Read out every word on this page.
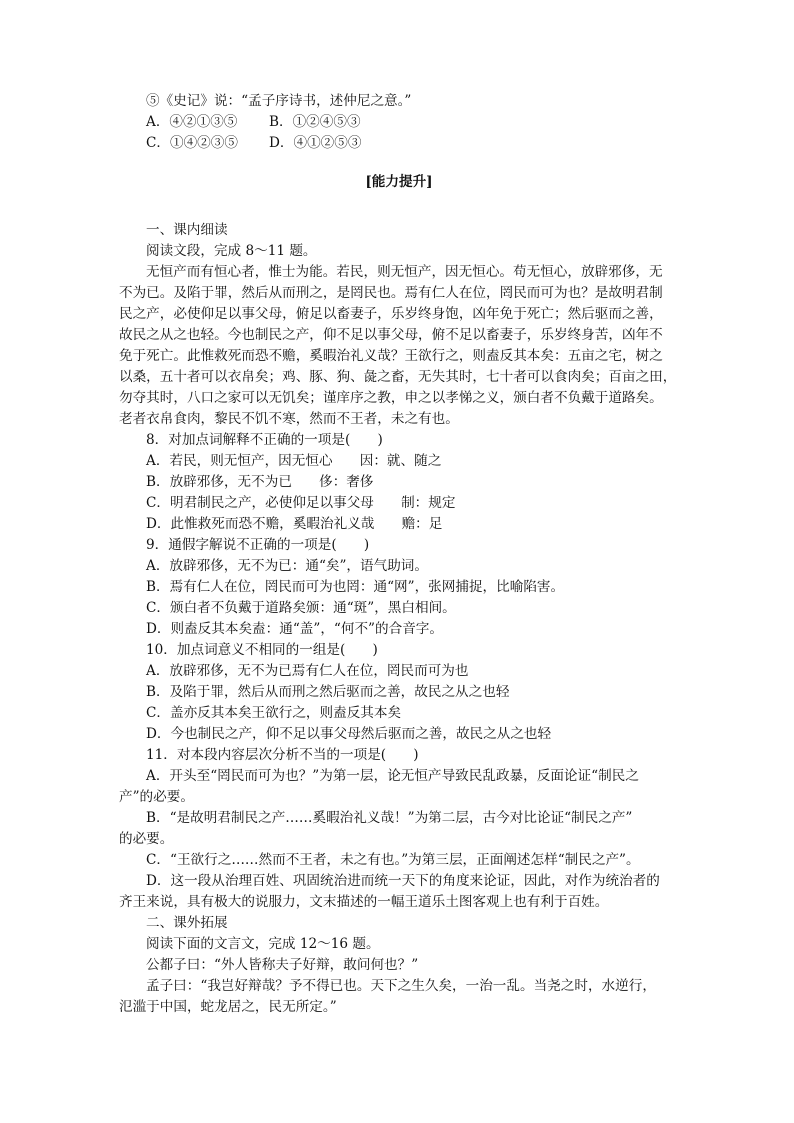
⑤《史记》说：“孟子序诗书，述仲尼之意。”
A．④②①③⑤ B．①②④⑤③
C．①④②③⑤ D．④①②⑤③
[能力提升]
一、课内细读
阅读文段，完成 8～11 题。
无恒产而有恒心者，惟士为能。若民，则无恒产，因无恒心。苟无恒心，放辟邪侈，无
不为已。及陷于罪，然后从而刑之，是罔民也。焉有仁人在位，罔民而可为也？是故明君制
民之产，必使仰足以事父母，俯足以畜妻子，乐岁终身饱，凶年免于死亡；然后驱而之善，
故民之从之也轻。今也制民之产，仰不足以事父母，俯不足以畜妻子，乐岁终身苦，凶年不
免于死亡。此惟救死而恐不赡，奚暇治礼义哉？王欲行之，则盍反其本矣：五亩之宅，树之
以桑，五十者可以衣帛矣；鸡、豚、狗、彘之畜，无失其时，七十者可以食肉矣；百亩之田，
勿夺其时，八口之家可以无饥矣；谨庠序之教，申之以孝悌之义，颁白者不负戴于道路矣。
老者衣帛食肉，黎民不饥不寒，然而不王者，未之有也。
8．对加点词解释不正确的一项是(　　)
A．若民，则无恒产，因无恒心　　因：就、随之
B．放辟邪侈，无不为已　　侈：奢侈
C．明君制民之产，必使仰足以事父母　　制：规定
D．此惟救死而恐不赡，奚暇治礼义哉　　赡：足
9．通假字解说不正确的一项是(　　)
A．放辟邪侈，无不为已：通“矣”，语气助词。
B．焉有仁人在位，罔民而可为也罔：通“网”，张网捕捉，比喻陷害。
C．颁白者不负戴于道路矣颁：通“斑”，黑白相间。
D．则盍反其本矣盍：通“盖”，“何不”的合音字。
10．加点词意义不相同的一组是(　　)
A．放辟邪侈，无不为已焉有仁人在位，罔民而可为也
B．及陷于罪，然后从而刑之然后驱而之善，故民之从之也轻
C．盖亦反其本矣王欲行之，则盍反其本矣
D．今也制民之产，仰不足以事父母然后驱而之善，故民之从之也轻
11．对本段内容层次分析不当的一项是(　　)
A．开头至“罔民而可为也？”为第一层，论无恒产导致民乱政暴，反面论证“制民之
产”的必要。
B．“是故明君制民之产……奚暇治礼义哉！”为第二层，古今对比论证“制民之产”
的必要。
C．“王欲行之……然而不王者，未之有也。”为第三层，正面阐述怎样“制民之产”。
D．这一段从治理百姓、巩固统治进而统一天下的角度来论证，因此，对作为统治者的
齐王来说，具有极大的说服力，文末描述的一幅王道乐土图客观上也有利于百姓。
二、课外拓展
阅读下面的文言文，完成 12～16 题。
公都子曰：“外人皆称夫子好辩，敢问何也？”
孟子曰：“我岂好辩哉？予不得已也。天下之生久矣，一治一乱。当尧之时，水逆行，
氾滥于中国，蛇龙居之，民无所定。”
